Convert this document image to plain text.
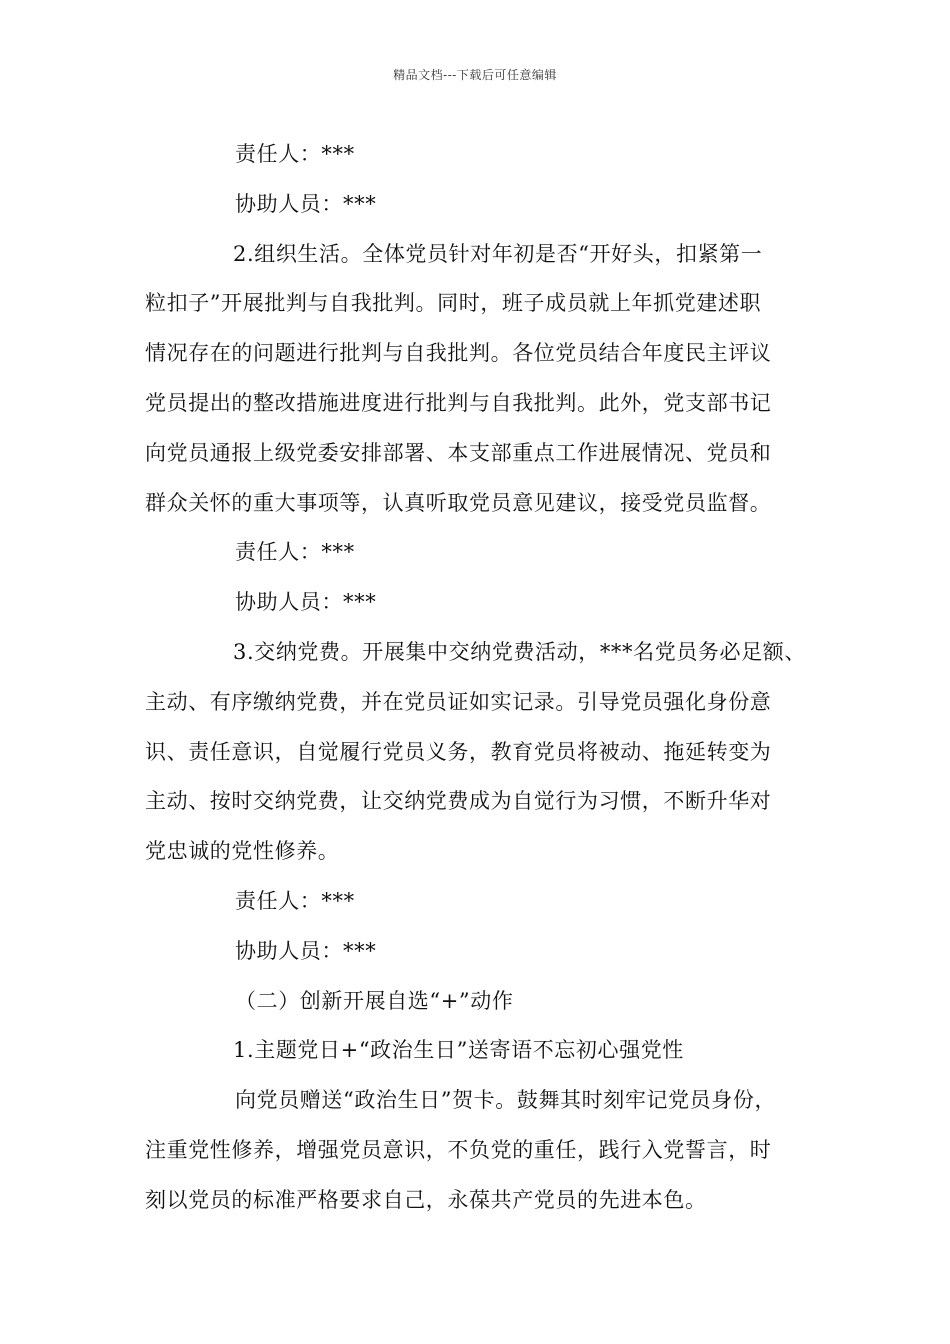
精品文档---下载后可任意编辑
责任人：***
协助人员：***
2.组织生活。全体党员针对年初是否“开好头，扣紧第一
粒扣子”开展批判与自我批判。同时，班子成员就上年抓党建述职
情况存在的问题进行批判与自我批判。各位党员结合年度民主评议
党员提出的整改措施进度进行批判与自我批判。此外，党支部书记
向党员通报上级党委安排部署、本支部重点工作进展情况、党员和
群众关怀的重大事项等，认真听取党员意见建议，接受党员监督。
责任人：***
协助人员：***
3.交纳党费。开展集中交纳党费活动，***名党员务必足额、
主动、有序缴纳党费，并在党员证如实记录。引导党员强化身份意
识、责任意识，自觉履行党员义务，教育党员将被动、拖延转变为
主动、按时交纳党费，让交纳党费成为自觉行为习惯，不断升华对
党忠诚的党性修养。
责任人：***
协助人员：***
（二）创新开展自选“+”动作
1.主题党日+“政治生日”送寄语不忘初心强党性
向党员赠送“政治生日”贺卡。鼓舞其时刻牢记党员身份，
注重党性修养，增强党员意识，不负党的重任，践行入党誓言，时
刻以党员的标准严格要求自己，永葆共产党员的先进本色。
